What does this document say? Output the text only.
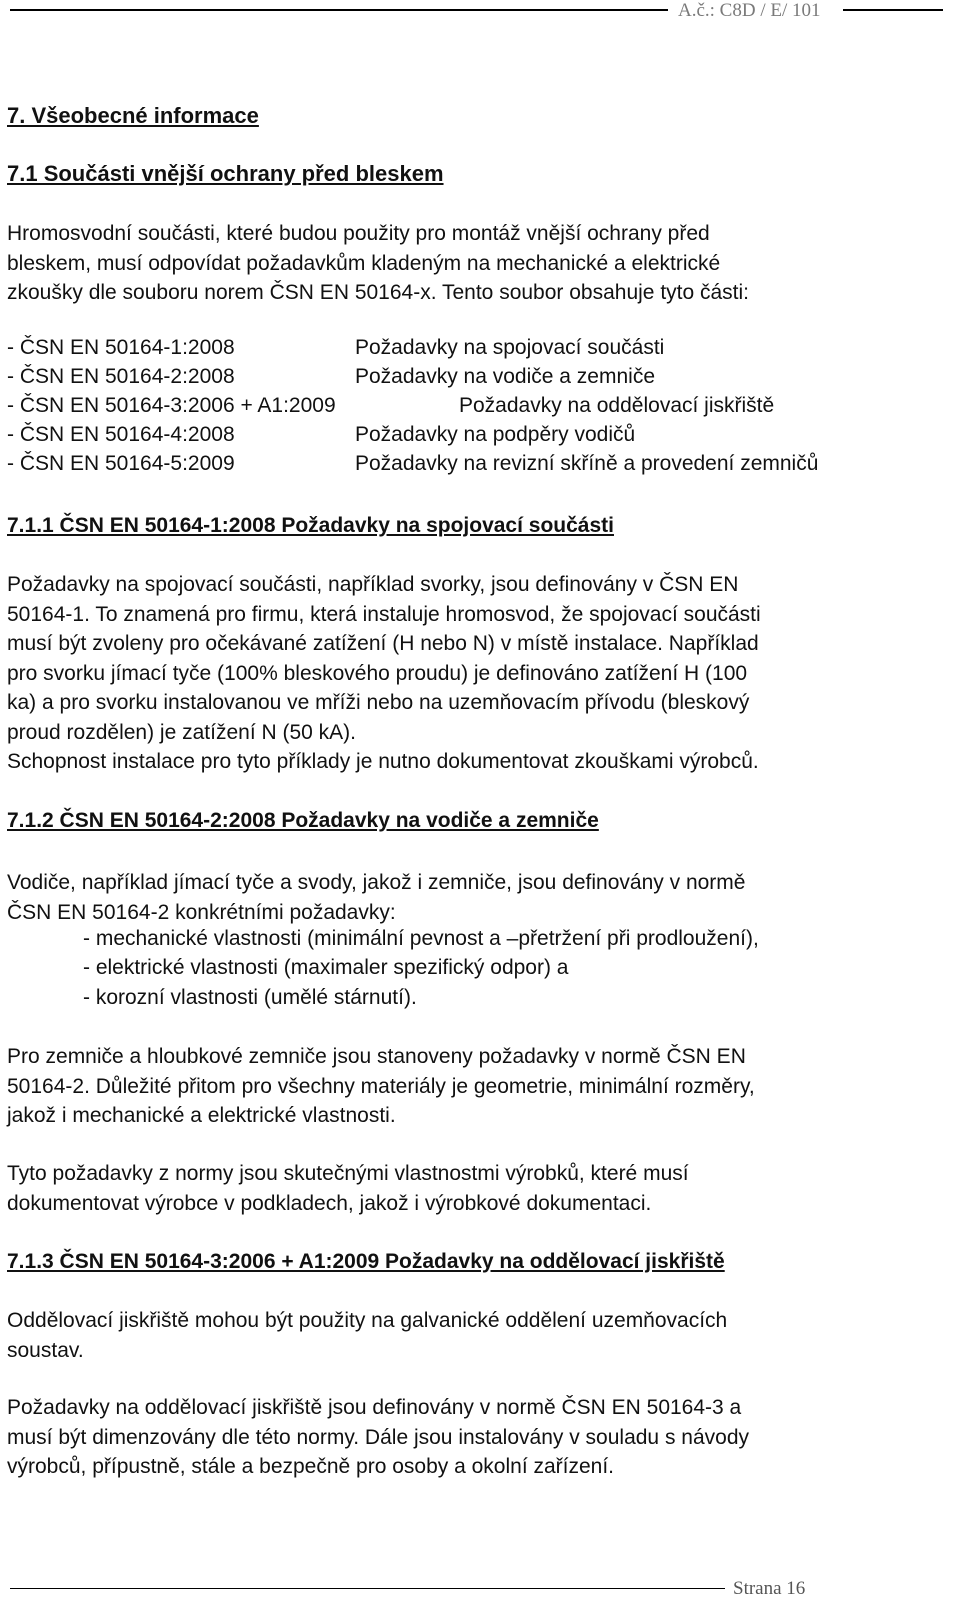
A.č.: C8D / E/ 101
7. Všeobecné informace
7.1 Součásti vnější ochrany před bleskem
Hromosvodní součásti, které budou použity pro montáž vnější ochrany před
bleskem, musí odpovídat požadavkům kladeným na mechanické a elektrické
zkoušky dle souboru norem ČSN EN 50164-x. Tento soubor obsahuje tyto části:
- ČSN EN 50164-1:2008	Požadavky na spojovací součásti
- ČSN EN 50164-2:2008	Požadavky na vodiče a zemniče
- ČSN EN 50164-3:2006 + A1:2009	Požadavky na oddělovací jiskřiště
- ČSN EN 50164-4:2008	Požadavky na podpěry vodičů
- ČSN EN 50164-5:2009	Požadavky na revizní skříně a provedení zemničů
7.1.1 ČSN EN 50164-1:2008 Požadavky na spojovací součásti
Požadavky na spojovací součásti, například svorky, jsou definovány v ČSN EN
50164-1. To znamená pro firmu, která instaluje hromosvod, že spojovací součásti
musí být zvoleny pro očekávané zatížení (H nebo N) v místě instalace. Například
pro svorku jímací tyče (100% bleskového proudu) je definováno zatížení H (100
ka) a pro svorku instalovanou ve mříži nebo na uzemňovacím přívodu (bleskový
proud rozdělen) je zatížení N (50 kA).
Schopnost instalace pro tyto příklady je nutno dokumentovat zkouškami výrobců.
7.1.2 ČSN EN 50164-2:2008 Požadavky na vodiče a zemniče
Vodiče, například jímací tyče a svody, jakož i zemniče, jsou definovány v normě
ČSN EN 50164-2 konkrétními požadavky:
- mechanické vlastnosti (minimální pevnost a –přetržení při prodloužení),
- elektrické vlastnosti (maximaler spezifický odpor) a
- korozní vlastnosti (umělé stárnutí).
Pro zemniče a hloubkové zemniče jsou stanoveny požadavky v normě ČSN EN
50164-2. Důležité přitom pro všechny materiály je geometrie, minimální rozměry,
jakož i mechanické a elektrické vlastnosti.
Tyto požadavky z normy jsou skutečnými vlastnostmi výrobků, které musí
dokumentovat výrobce v podkladech, jakož i výrobkové dokumentaci.
7.1.3 ČSN EN 50164-3:2006 + A1:2009 Požadavky na oddělovací jiskřiště
Oddělovací jiskřiště mohou být použity na galvanické oddělení uzemňovacích
soustav.
Požadavky na oddělovací jiskřiště jsou definovány v normě ČSN EN 50164-3 a
musí být dimenzovány dle této normy. Dále jsou instalovány v souladu s návody
výrobců, přípustně, stále a bezpečně pro osoby a okolní zařízení.
Strana 16
